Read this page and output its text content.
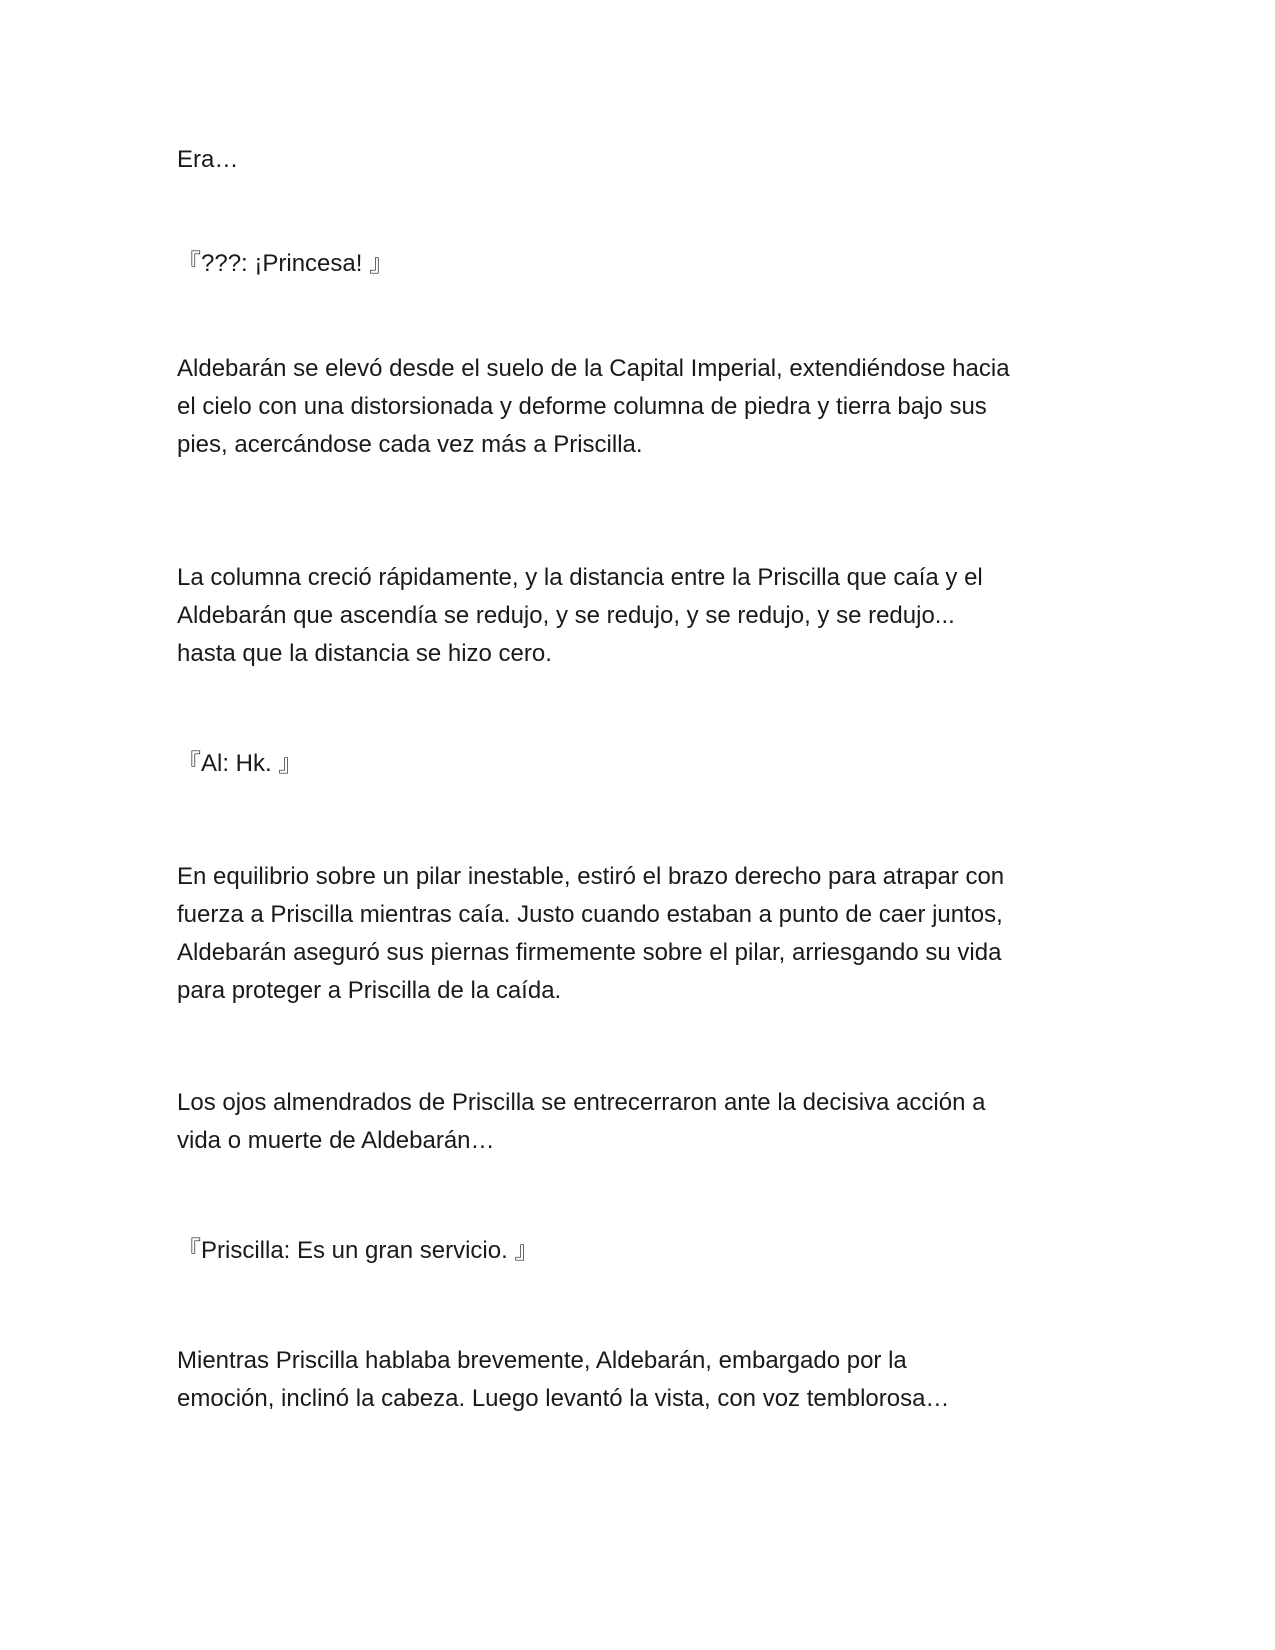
Era…

『???: ¡Princesa! 』

Aldebarán se elevó desde el suelo de la Capital Imperial, extendiéndose hacia

el cielo con una distorsionada y deforme columna de piedra y tierra bajo sus

pies, acercándose cada vez más a Priscilla.

La columna creció rápidamente, y la distancia entre la Priscilla que caía y el

Aldebarán que ascendía se redujo, y se redujo, y se redujo, y se redujo...

hasta que la distancia se hizo cero.

『Al: Hk. 』

En equilibrio sobre un pilar inestable, estiró el brazo derecho para atrapar con

fuerza a Priscilla mientras caía. Justo cuando estaban a punto de caer juntos,

Aldebarán aseguró sus piernas firmemente sobre el pilar, arriesgando su vida

para proteger a Priscilla de la caída.

Los ojos almendrados de Priscilla se entrecerraron ante la decisiva acción a

vida o muerte de Aldebarán…

『Priscilla: Es un gran servicio. 』

Mientras Priscilla hablaba brevemente, Aldebarán, embargado por la

emoción, inclinó la cabeza. Luego levantó la vista, con voz temblorosa…
